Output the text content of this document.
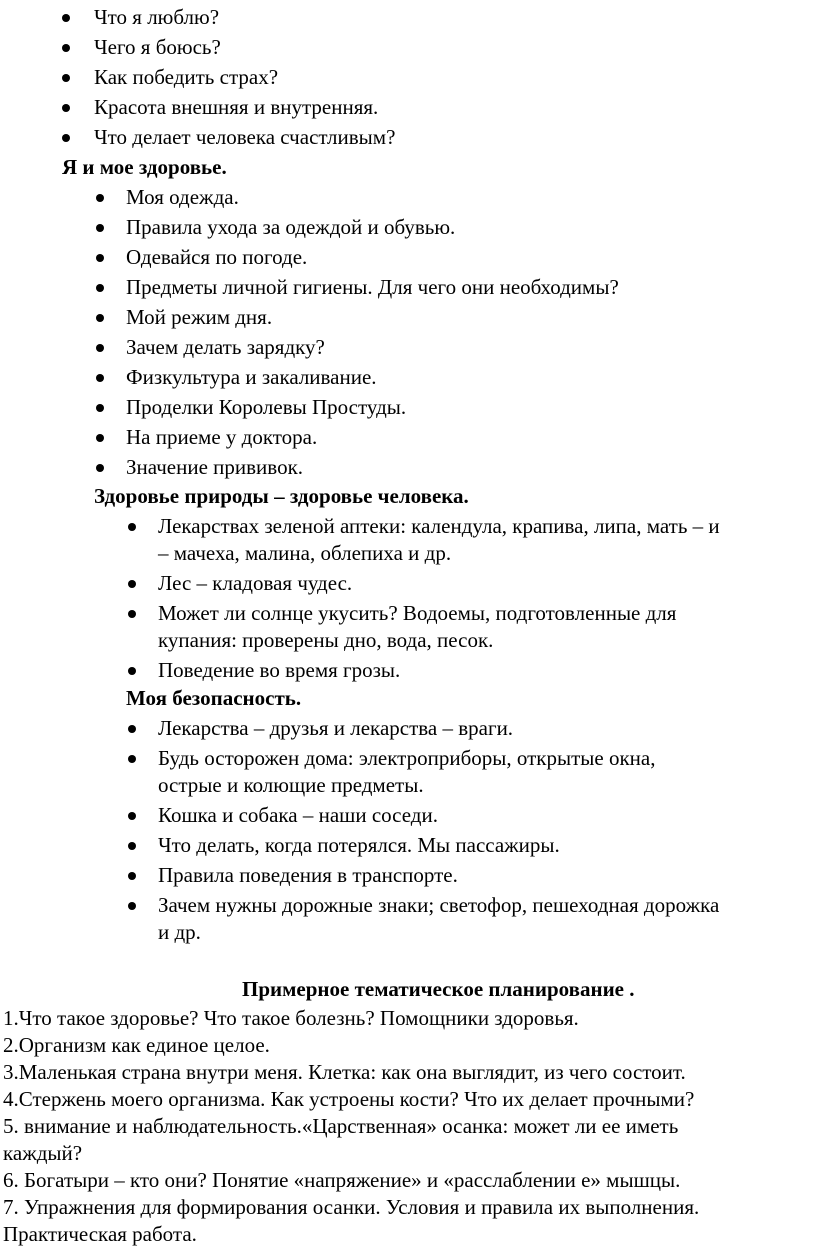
Что я люблю?
Чего я боюсь?
Как победить страх?
Красота внешняя и внутренняя.
Что делает человека счастливым?
Я и мое здоровье.
Моя одежда.
Правила ухода за одеждой и обувью.
Одевайся по погоде.
Предметы личной гигиены. Для чего они необходимы?
Мой режим дня.
Зачем делать зарядку?
Физкультура и закаливание.
Проделки Королевы Простуды.
На приеме у доктора.
Значение прививок.
Здоровье природы – здоровье человека.
Лекарствах зеленой аптеки: календула, крапива, липа, мать – и
– мачеха, малина, облепиха и др.
Лес – кладовая чудес.
Может ли солнце укусить? Водоемы, подготовленные для
купания: проверены дно, вода, песок.
Поведение во время грозы.
Моя безопасность.
Лекарства – друзья и лекарства – враги.
Будь осторожен дома: электроприборы, открытые окна,
острые и колющие предметы.
Кошка и собака – наши соседи.
Что делать, когда потерялся. Мы пассажиры.
Правила поведения в транспорте.
Зачем нужны дорожные знаки; светофор, пешеходная дорожка
и др.
Примерное тематическое планирование .
1.Что такое здоровье? Что такое болезнь? Помощники здоровья.
2.Организм как единое целое.
3.Маленькая страна внутри меня. Клетка: как она выглядит, из чего состоит.
4.Стержень моего организма. Как устроены кости? Что их делает прочными?
5. внимание и наблюдательность.«Царственная» осанка: может ли ее иметь
каждый?
6. Богатыри – кто они? Понятие «напряжение» и «расслаблении е» мышцы.
7. Упражнения для формирования осанки. Условия и правила их выполнения.
Практическая работа.
